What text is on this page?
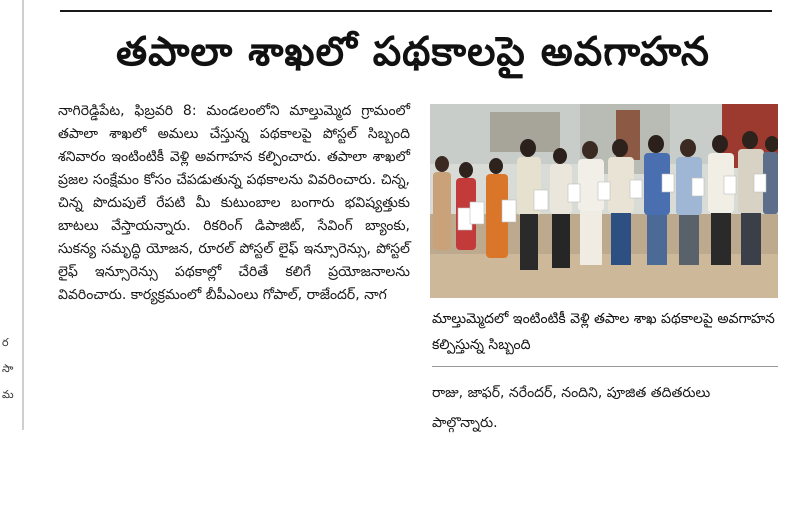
ర
సా
మ
తపాలా శాఖలో పథకాలపై అవగాహన

నాగిరెడ్డిపేట, ఫిబ్రవరి 8: మండలంలోని మాల్తుమ్మెద గ్రామంలో తపాలా శాఖలో అమలు చేస్తున్న పథకాలపై పోస్టల్ సిబ్బంది శనివారం ఇంటింటికీ వెళ్లి అవగాహన కల్పించారు. తపాలా శాఖలో ప్రజల సంక్షేమం కోసం చేపడుతున్న పథకాలను వివరించారు. చిన్న, చిన్న పొదుపులే రేపటి మీ కుటుంబాల బంగారు భవిష్యత్తుకు బాటలు వేస్తాయన్నారు. రికరింగ్ డిపాజిట్, సేవింగ్ బ్యాంకు, సుకన్య సమృద్ధి యోజన, రూరల్ పోస్టల్ లైఫ్ ఇన్సూరెన్సు, పోస్టల్ లైఫ్ ఇన్సూరెన్సు పథకాల్లో చేరితే కలిగే ప్రయోజనాలను వివరించారు. కార్యక్రమంలో బీపీఎంలు గోపాల్, రాజేందర్, నాగ

మాల్తుమ్మెదలో ఇంటింటికీ వెళ్లి తపాల శాఖ పథకాలపై అవగాహన కల్పిస్తున్న సిబ్బంది

రాజు, జాఫర్, నరేందర్, నందిని, పూజిత తదితరులు పాల్గొన్నారు.
